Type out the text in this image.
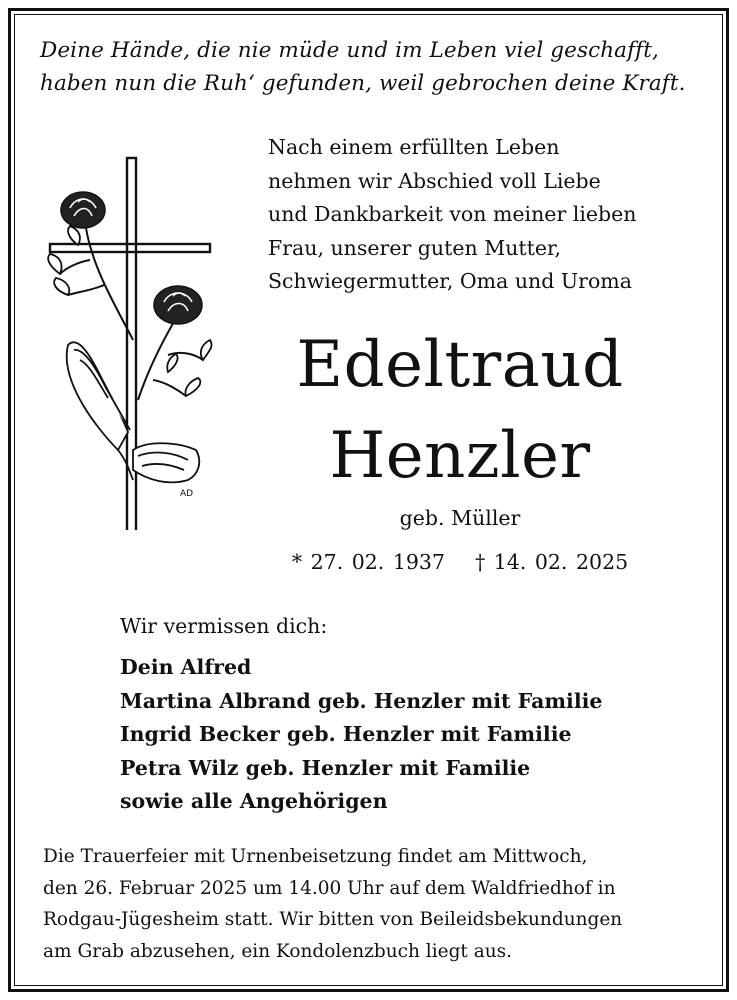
Deine Hände, die nie müde und im Leben viel geschafft,
haben nun die Ruh‘ gefunden, weil gebrochen deine Kraft.
AD
Nach einem erfüllten Leben
nehmen wir Abschied voll Liebe
und Dankbarkeit von meiner lieben
Frau, unserer guten Mutter,
Schwiegermutter, Oma und Uroma
Edeltraud
Henzler
geb. Müller
* 27. 02. 1937 † 14. 02. 2025
Wir vermissen dich:
Dein Alfred
Martina Albrand geb. Henzler mit Familie
Ingrid Becker geb. Henzler mit Familie
Petra Wilz geb. Henzler mit Familie
sowie alle Angehörigen
Die Trauerfeier mit Urnenbeisetzung findet am Mittwoch,
den 26. Februar 2025 um 14.00 Uhr auf dem Waldfriedhof in
Rodgau-Jügesheim statt. Wir bitten von Beileidsbekundungen
am Grab abzusehen, ein Kondolenzbuch liegt aus.
